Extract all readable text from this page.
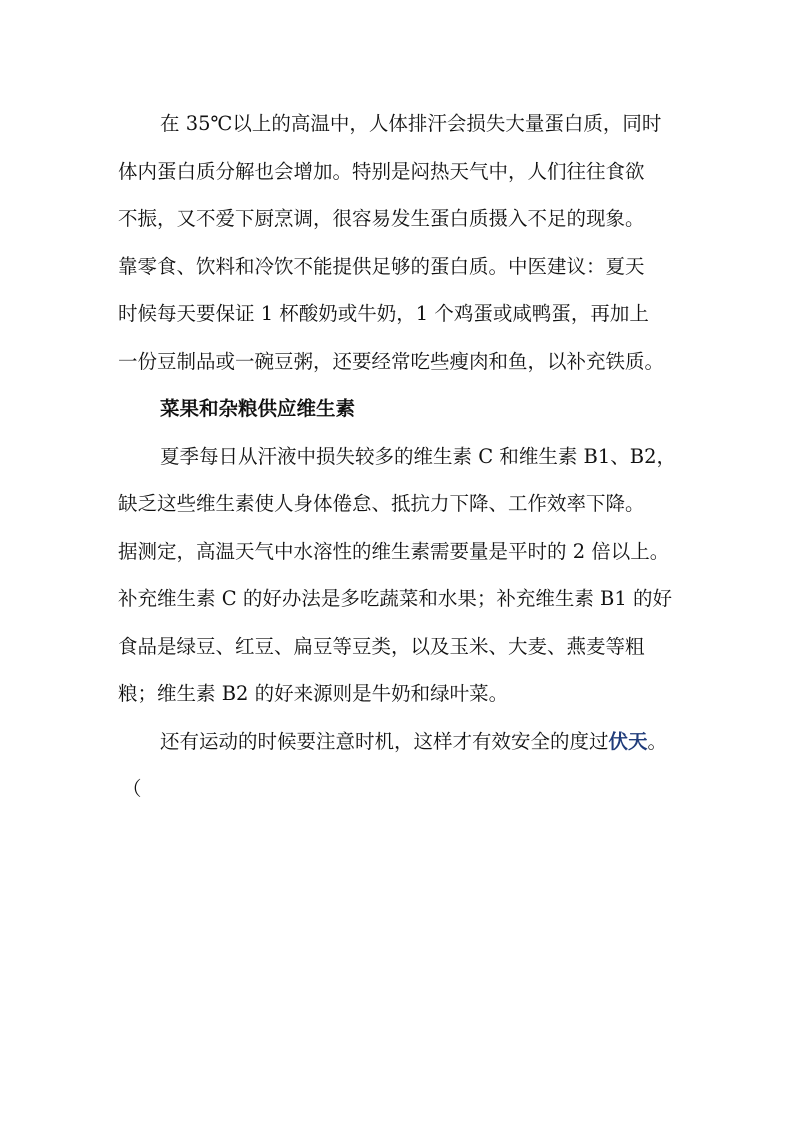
在 35℃以上的高温中，人体排汗会损失大量蛋白质，同时
体内蛋白质分解也会增加。特别是闷热天气中，人们往往食欲
不振，又不爱下厨烹调，很容易发生蛋白质摄入不足的现象。
靠零食、饮料和冷饮不能提供足够的蛋白质。中医建议：夏天
时候每天要保证 1 杯酸奶或牛奶，1 个鸡蛋或咸鸭蛋，再加上
一份豆制品或一碗豆粥，还要经常吃些瘦肉和鱼，以补充铁质。
菜果和杂粮供应维生素
夏季每日从汗液中损失较多的维生素 C 和维生素 B1、B2，
缺乏这些维生素使人身体倦怠、抵抗力下降、工作效率下降。
据测定，高温天气中水溶性的维生素需要量是平时的 2 倍以上。
补充维生素 C 的好办法是多吃蔬菜和水果；补充维生素 B1 的好
食品是绿豆、红豆、扁豆等豆类，以及玉米、大麦、燕麦等粗
粮；维生素 B2 的好来源则是牛奶和绿叶菜。
还有运动的时候要注意时机，这样才有效安全的度过伏天。
（
